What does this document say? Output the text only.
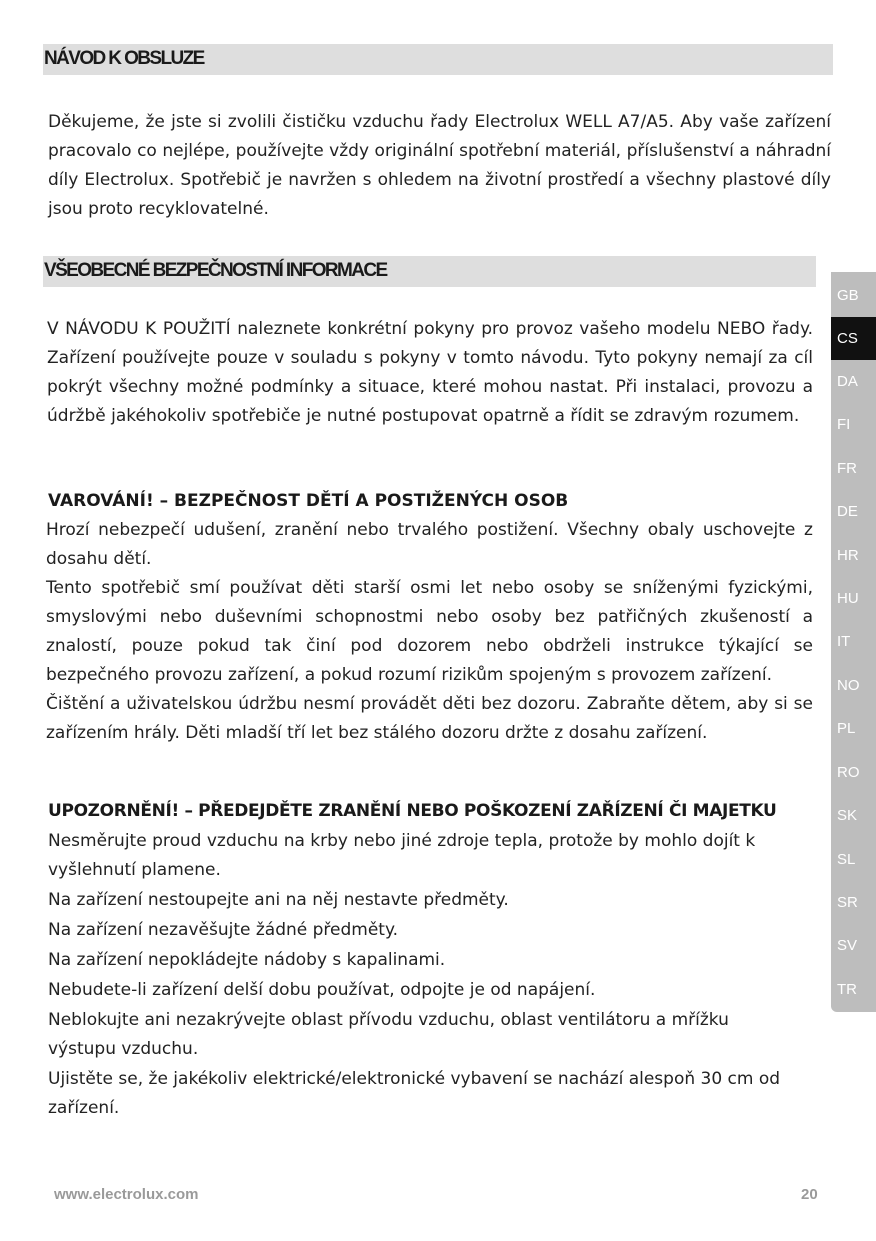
NÁVOD K OBSLUZE
Děkujeme, že jste si zvolili čističku vzduchu řady Electrolux WELL A7/A5. Aby vaše zařízení pracovalo co nejlépe, používejte vždy originální spotřební materiál, příslušenství a náhradní díly Electrolux. Spotřebič je navržen s ohledem na životní prostředí a všechny plastové díly jsou proto recyklovatelné.
VŠEOBECNÉ BEZPEČNOSTNÍ INFORMACE
V NÁVODU K POUŽITÍ naleznete konkrétní pokyny pro provoz vašeho modelu NEBO řady. Zařízení používejte pouze v souladu s pokyny v tomto návodu. Tyto pokyny nemají za cíl pokrýt všechny možné podmínky a situace, které mohou nastat. Při instalaci, provozu a údržbě jakéhokoliv spotřebiče je nutné postupovat opatrně a řídit se zdravým rozumem.
VAROVÁNÍ! – BEZPEČNOST DĚTÍ A POSTIŽENÝCH OSOB
Hrozí nebezpečí udušení, zranění nebo trvalého postižení. Všechny obaly uschovejte z dosahu dětí.
Tento spotřebič smí používat děti starší osmi let nebo osoby se sníženými fyzickými, smyslovými nebo duševními schopnostmi nebo osoby bez patřičných zkušeností a znalostí, pouze pokud tak činí pod dozorem nebo obdrželi instrukce týkající se bezpečného provozu zařízení, a pokud rozumí rizikům spojeným s provozem zařízení.
Čištění a uživatelskou údržbu nesmí provádět děti bez dozoru. Zabraňte dětem, aby si se zařízením hrály. Děti mladší tří let bez stálého dozoru držte z dosahu zařízení.
UPOZORNĚNÍ! – PŘEDEJDĚTE ZRANĚNÍ NEBO POŠKOZENÍ ZAŘÍZENÍ ČI MAJETKU
Nesměrujte proud vzduchu na krby nebo jiné zdroje tepla, protože by mohlo dojít k vyšlehnutí plamene.
Na zařízení nestoupejte ani na něj nestavte předměty.
Na zařízení nezavěšujte žádné předměty.
Na zařízení nepokládejte nádoby s kapalinami.
Nebudete-li zařízení delší dobu používat, odpojte je od napájení.
Neblokujte ani nezakrývejte oblast přívodu vzduchu, oblast ventilátoru a mřížku výstupu vzduchu.
Ujistěte se, že jakékoliv elektrické/elektronické vybavení se nachází alespoň 30 cm od zařízení.
GB
CS
DA
FI
FR
DE
HR
HU
IT
NO
PL
RO
SK
SL
SR
SV
TR
www.electrolux.com	20
